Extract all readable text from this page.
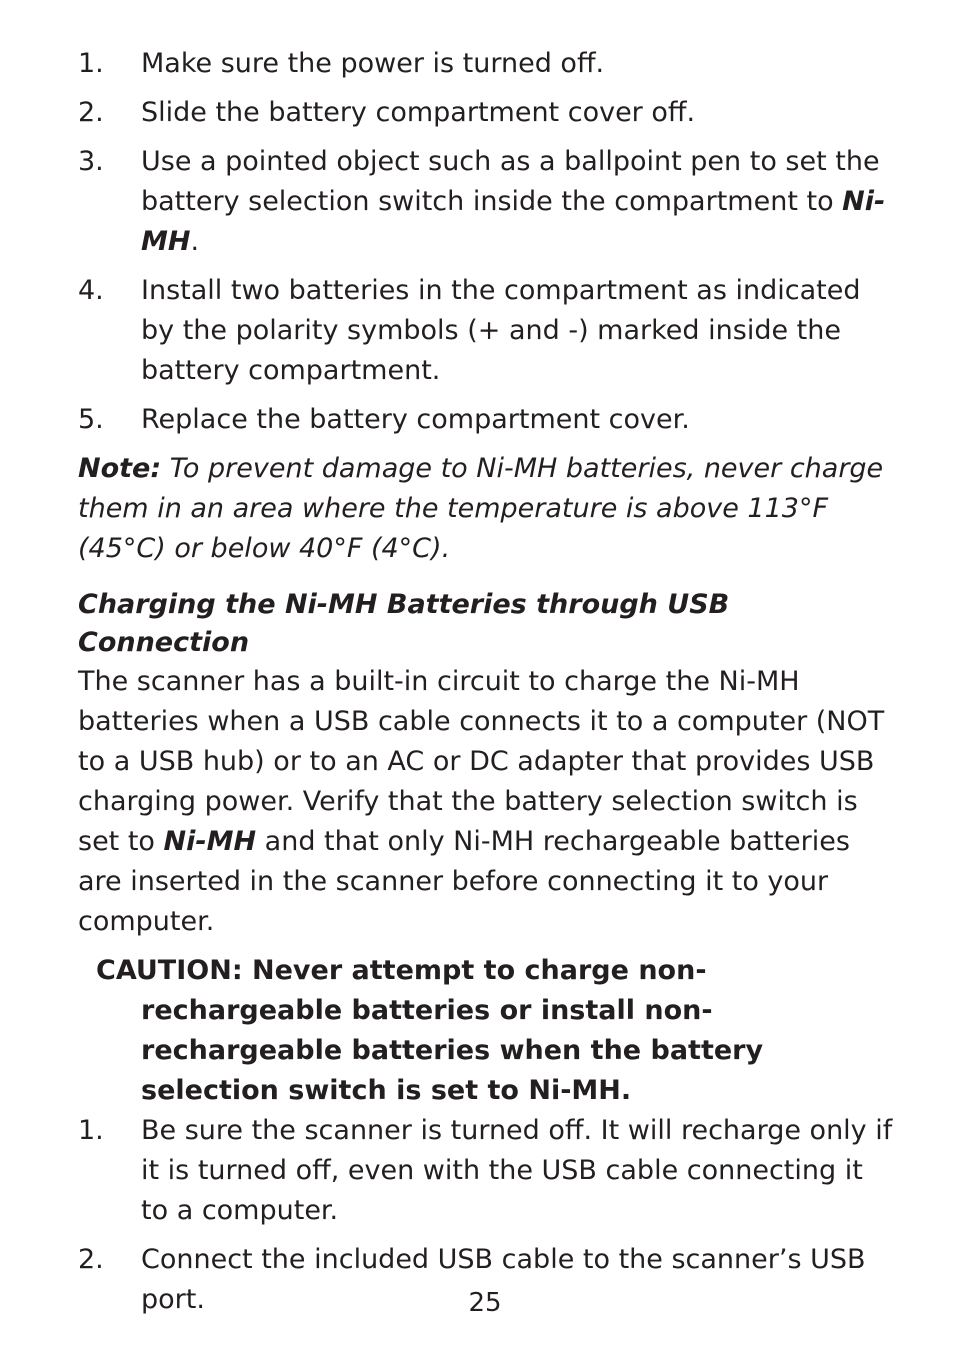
1. Make sure the power is turned off.
2. Slide the battery compartment cover off.
3. Use a pointed object such as a ballpoint pen to set the battery selection switch inside the compartment to Ni-MH.
4. Install two batteries in the compartment as indicated by the polarity symbols (+ and -) marked inside the battery compartment.
5. Replace the battery compartment cover.
Note: To prevent damage to Ni-MH batteries, never charge them in an area where the temperature is above 113°F (45°C) or below 40°F (4°C).
Charging the Ni-MH Batteries through USB Connection
The scanner has a built-in circuit to charge the Ni-MH batteries when a USB cable connects it to a computer (NOT to a USB hub) or to an AC or DC adapter that provides USB charging power. Verify that the battery selection switch is set to Ni-MH and that only Ni-MH rechargeable batteries are inserted in the scanner before connecting it to your computer.
CAUTION: Never attempt to charge non-rechargeable batteries or install non-rechargeable batteries when the battery selection switch is set to Ni-MH.
1. Be sure the scanner is turned off. It will recharge only if it is turned off, even with the USB cable connecting it to a computer.
2. Connect the included USB cable to the scanner’s USB port.	25
